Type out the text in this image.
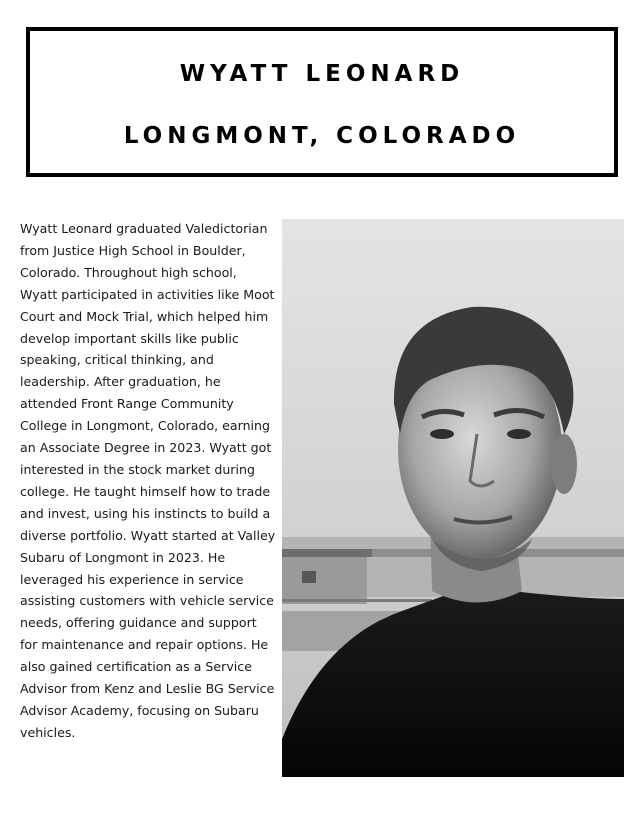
WYATT LEONARD
LONGMONT, COLORADO
Wyatt Leonard graduated Valedictorian from Justice High School in Boulder, Colorado. Throughout high school, Wyatt participated in activities like Moot Court and Mock Trial, which helped him develop important skills like public speaking, critical thinking, and leadership. After graduation, he attended Front Range Community College in Longmont, Colorado, earning an Associate Degree in 2023. Wyatt got interested in the stock market during college. He taught himself how to trade and invest, using his instincts to build a diverse portfolio. Wyatt started at Valley Subaru of Longmont in 2023. He leveraged his experience in service assisting customers with vehicle service needs, offering guidance and support for maintenance and repair options. He also gained certification as a Service Advisor from Kenz and Leslie BG Service Advisor Academy, focusing on Subaru vehicles.
